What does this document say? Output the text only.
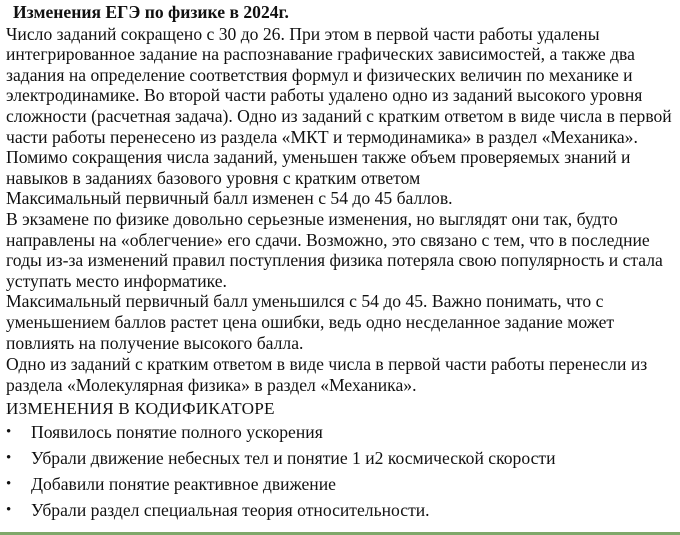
Изменения ЕГЭ по физике в 2024г.

Число заданий сокращено с 30 до 26. При этом в первой части работы удалены интегрированное задание на распознавание графических зависимостей, а также два задания на определение соответствия формул и физических величин по механике и электродинамике. Во второй части работы удалено одно из заданий высокого уровня сложности (расчетная задача). Одно из заданий с кратким ответом в виде числа в первой части работы перенесено из раздела «МКТ и термодинамика» в раздел «Механика». Помимо сокращения числа заданий, уменьшен также объем проверяемых знаний и навыков в заданиях базового уровня с кратким ответом

Максимальный первичный балл изменен с 54 до 45 баллов.

В экзамене по физике довольно серьезные изменения, но выглядят они так, будто направлены на «облегчение» его сдачи. Возможно, это связано с тем, что в последние годы из-за изменений правил поступления физика потеряла свою популярность и стала уступать место информатике.

Максимальный первичный балл уменьшился с 54 до 45. Важно понимать, что с уменьшением баллов растет цена ошибки, ведь одно несделанное задание может повлиять на получение высокого балла.

Одно из заданий с кратким ответом в виде числа в первой части работы перенесли из раздела «Молекулярная физика» в раздел «Механика».

ИЗМЕНЕНИЯ В КОДИФИКАТОРЕ
•	Появилось понятие полного ускорения
•	Убрали движение небесных тел и понятие 1 и2 космической скорости
•	Добавили понятие реактивное движение
•	Убрали раздел специальная теория относительности.
